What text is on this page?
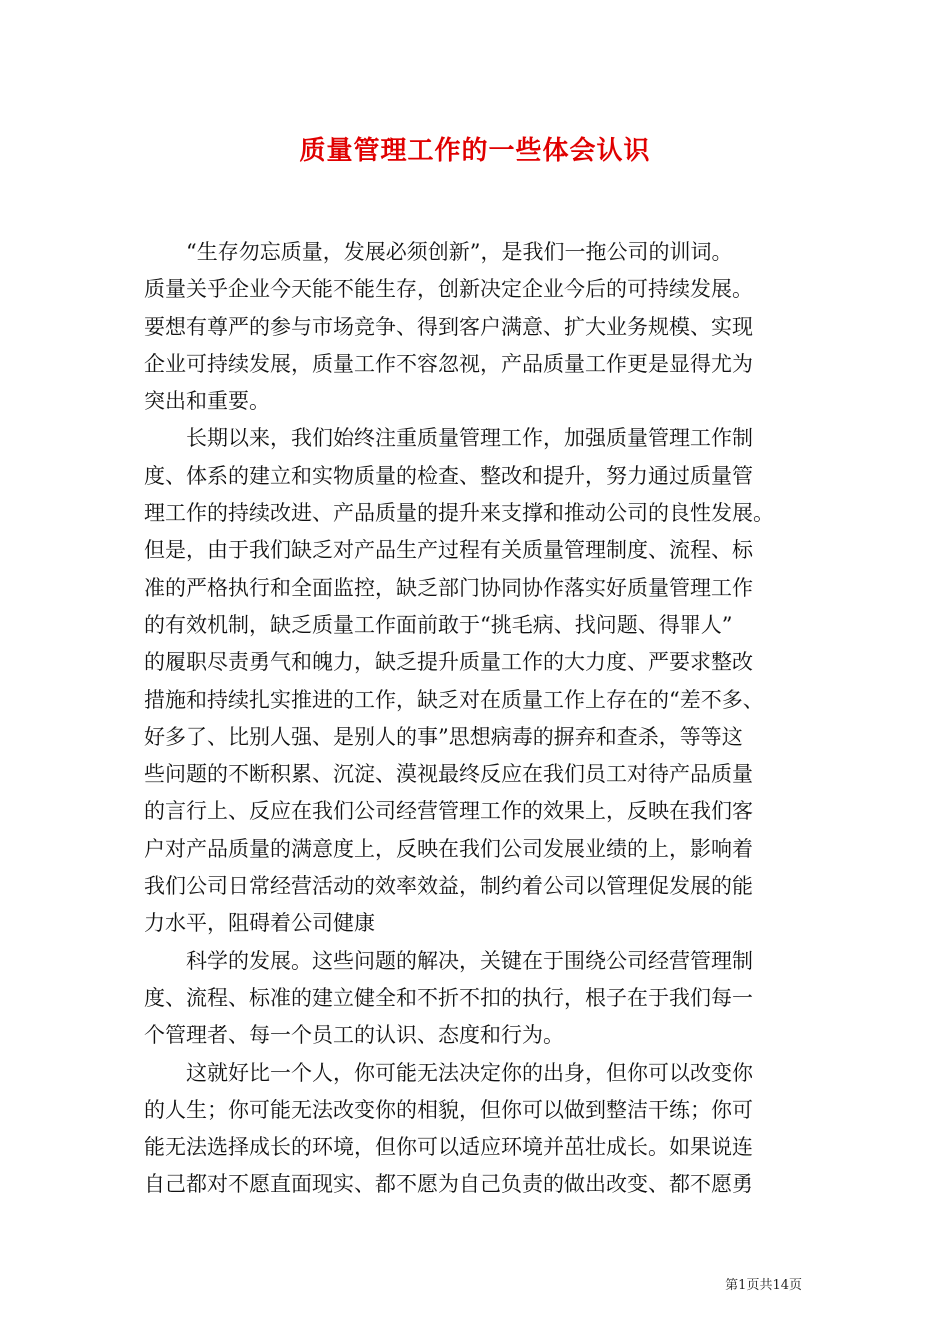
质量管理工作的一些体会认识

“生存勿忘质量，发展必须创新”，是我们一拖公司的训词。
质量关乎企业今天能不能生存，创新决定企业今后的可持续发展。
要想有尊严的参与市场竞争、得到客户满意、扩大业务规模、实现
企业可持续发展，质量工作不容忽视，产品质量工作更是显得尤为
突出和重要。

长期以来，我们始终注重质量管理工作，加强质量管理工作制
度、体系的建立和实物质量的检查、整改和提升，努力通过质量管
理工作的持续改进、产品质量的提升来支撑和推动公司的良性发展。
但是，由于我们缺乏对产品生产过程有关质量管理制度、流程、标
准的严格执行和全面监控，缺乏部门协同协作落实好质量管理工作
的有效机制，缺乏质量工作面前敢于“挑毛病、找问题、得罪人”
的履职尽责勇气和魄力，缺乏提升质量工作的大力度、严要求整改
措施和持续扎实推进的工作，缺乏对在质量工作上存在的“差不多、
好多了、比别人强、是别人的事”思想病毒的摒弃和查杀，等等这
些问题的不断积累、沉淀、漠视最终反应在我们员工对待产品质量
的言行上、反应在我们公司经营管理工作的效果上，反映在我们客
户对产品质量的满意度上，反映在我们公司发展业绩的上，影响着
我们公司日常经营活动的效率效益，制约着公司以管理促发展的能
力水平，阻碍着公司健康

科学的发展。这些问题的解决，关键在于围绕公司经营管理制
度、流程、标准的建立健全和不折不扣的执行，根子在于我们每一
个管理者、每一个员工的认识、态度和行为。

这就好比一个人，你可能无法决定你的出身，但你可以改变你
的人生；你可能无法改变你的相貌，但你可以做到整洁干练；你可
能无法选择成长的环境，但你可以适应环境并茁壮成长。如果说连
自己都对不愿直面现实、都不愿为自己负责的做出改变、都不愿勇

第1页共14页
